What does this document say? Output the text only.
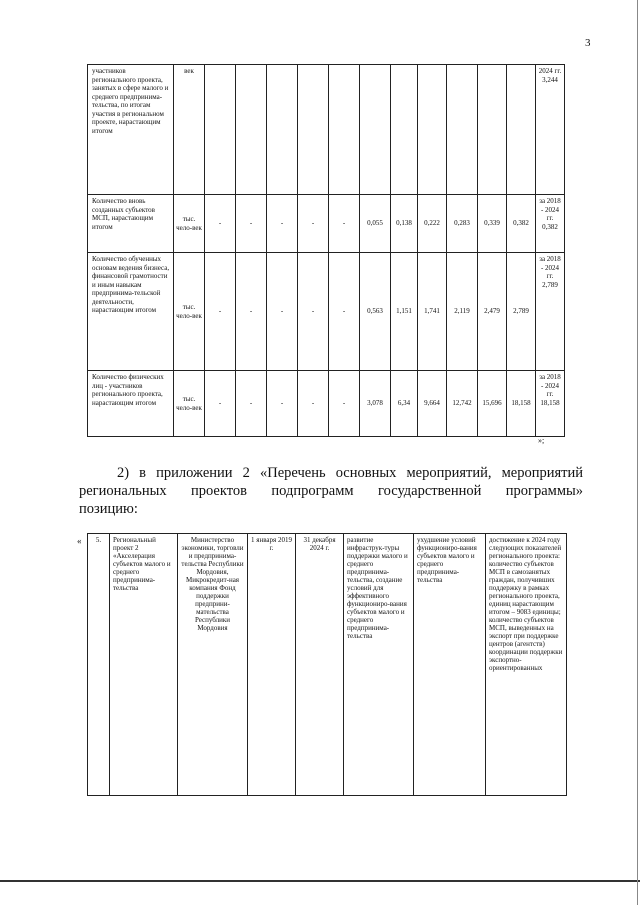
3
участников регионального проекта, занятых в сфере малого и среднего предпринима-тельства, по итогам участия в региональном проекте, нарастающим итогом	век												2024 гг. 3,244
Количество вновь созданных субъектов МСП, нарастающим итогом	тыс. чело-век	-	-	-	-	-	0,055	0,138	0,222	0,283	0,339	0,382	за 2018 - 2024 гг. 0,382
Количество обученных основам ведения бизнеса, финансовой грамотности и иным навыкам предпринима-тельской деятельности, нарастающим итогом	тыс. чело-век	-	-	-	-	-	0,563	1,151	1,741	2,119	2,479	2,789	за 2018 - 2024 гг. 2,789
Количество физических лиц - участников регионального проекта, нарастающим итогом	тыс. чело-век	-	-	-	-	-	3,078	6,34	9,664	12,742	15,696	18,158	за 2018 - 2024 гг. 18,158
»;
2) в приложении 2 «Перечень основных мероприятий, мероприятий
региональных проектов подпрограмм государственной программы»
позицию:
« 5.	Региональный проект 2 «Акселерация субъектов малого и среднего предпринима-тельства	Министерство экономики, торговли и предпринима-тельства Республики Мордовия, Микрокредит-ная компания Фонд поддержки предприни-мательства Республики Мордовия	1 января 2019 г.	31 декабря 2024 г.	развитие инфраструк-туры поддержки малого и среднего предпринима-тельства, создание условий для эффективного функциониро-вания субъектов малого и среднего предпринима-тельства	ухудшение условий функциониро-вания субъектов малого и среднего предпринима-тельства	достижение к 2024 году следующих показателей регионального проекта: количество субъектов МСП в самозанятых граждан, получивших поддержку в рамках регионального проекта, единиц нарастающим итогом – 9083 единицы; количество субъектов МСП, выведенных на экспорт при поддержке центров (агентств) координации поддержки экспортно-ориентированных
